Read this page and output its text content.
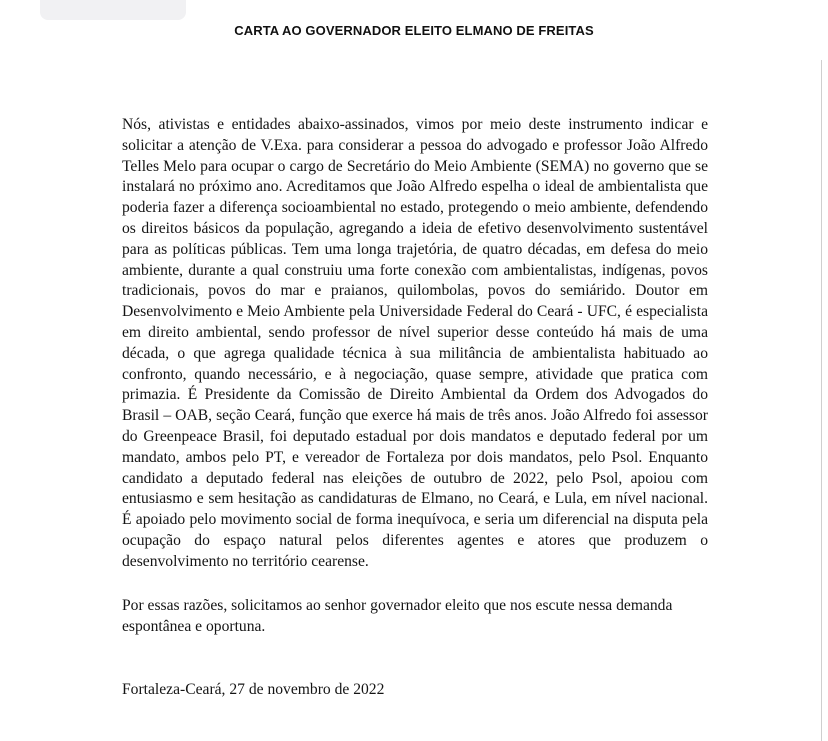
CARTA AO GOVERNADOR ELEITO ELMANO DE FREITAS

Nós, ativistas e entidades abaixo-assinados, vimos por meio deste instrumento indicar e solicitar a atenção de V.Exa. para considerar a pessoa do advogado e professor João Alfredo Telles Melo para ocupar o cargo de Secretário do Meio Ambiente (SEMA) no governo que se instalará no próximo ano. Acreditamos que João Alfredo espelha o ideal de ambientalista que poderia fazer a diferença socioambiental no estado, protegendo o meio ambiente, defendendo os direitos básicos da população, agregando a ideia de efetivo desenvolvimento sustentável para as políticas públicas. Tem uma longa trajetória, de quatro décadas, em defesa do meio ambiente, durante a qual construiu uma forte conexão com ambientalistas, indígenas, povos tradicionais, povos do mar e praianos, quilombolas, povos do semiárido. Doutor em Desenvolvimento e Meio Ambiente pela Universidade Federal do Ceará - UFC, é especialista em direito ambiental, sendo professor de nível superior desse conteúdo há mais de uma década, o que agrega qualidade técnica à sua militância de ambientalista habituado ao confronto, quando necessário, e à negociação, quase sempre, atividade que pratica com primazia. É Presidente da Comissão de Direito Ambiental da Ordem dos Advogados do Brasil – OAB, seção Ceará, função que exerce há mais de três anos. João Alfredo foi assessor do Greenpeace Brasil, foi deputado estadual por dois mandatos e deputado federal por um mandato, ambos pelo PT, e vereador de Fortaleza por dois mandatos, pelo Psol. Enquanto candidato a deputado federal nas eleições de outubro de 2022, pelo Psol, apoiou com entusiasmo e sem hesitação as candidaturas de Elmano, no Ceará, e Lula, em nível nacional. É apoiado pelo movimento social de forma inequívoca, e seria um diferencial na disputa pela ocupação do espaço natural pelos diferentes agentes e atores que produzem o desenvolvimento no território cearense.

Por essas razões, solicitamos ao senhor governador eleito que nos escute nessa demanda espontânea e oportuna.

Fortaleza-Ceará, 27 de novembro de 2022
